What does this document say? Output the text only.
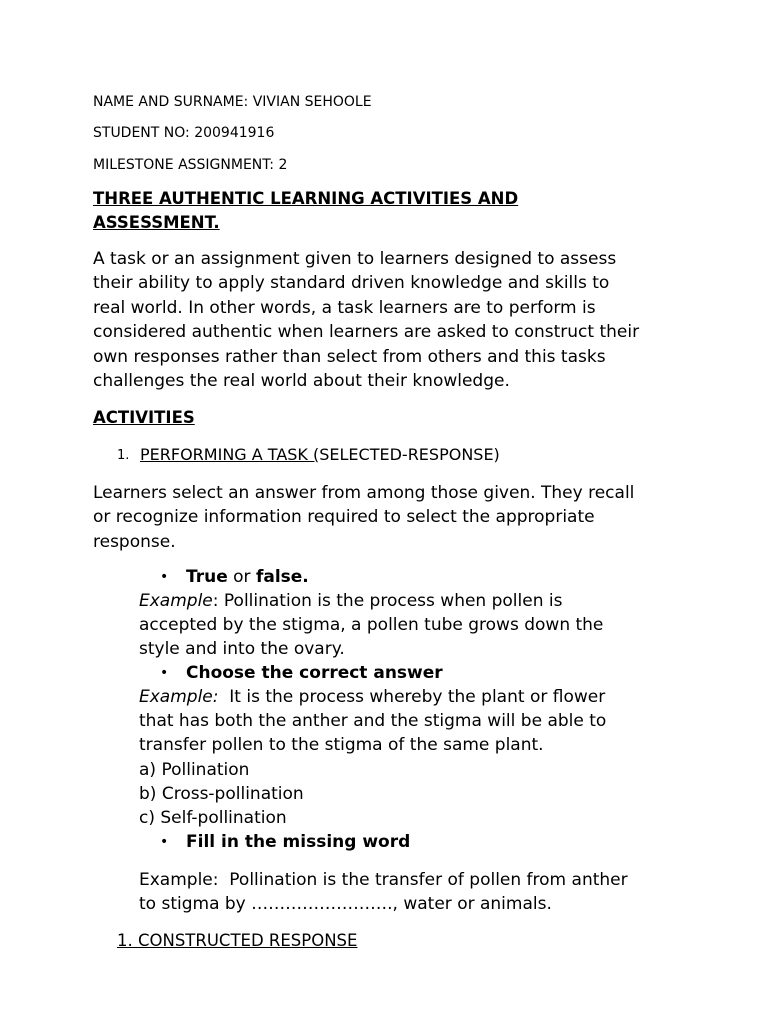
NAME AND SURNAME: VIVIAN SEHOOLE
STUDENT NO: 200941916
MILESTONE ASSIGNMENT: 2
THREE AUTHENTIC LEARNING ACTIVITIES AND
ASSESSMENT.
A task or an assignment given to learners designed to assess
their ability to apply standard driven knowledge and skills to
real world. In other words, a task learners are to perform is
considered authentic when learners are asked to construct their
own responses rather than select from others and this tasks
challenges the real world about their knowledge.
ACTIVITIES
1. PERFORMING A TASK (SELECTED-RESPONSE)
Learners select an answer from among those given. They recall
or recognize information required to select the appropriate
response.
• True or false.
Example: Pollination is the process when pollen is
accepted by the stigma, a pollen tube grows down the
style and into the ovary.
• Choose the correct answer
Example:  It is the process whereby the plant or flower
that has both the anther and the stigma will be able to
transfer pollen to the stigma of the same plant.
a) Pollination
b) Cross-pollination
c) Self-pollination
• Fill in the missing word
Example:  Pollination is the transfer of pollen from anther
to stigma by ……………………., water or animals.
1. CONSTRUCTED RESPONSE
